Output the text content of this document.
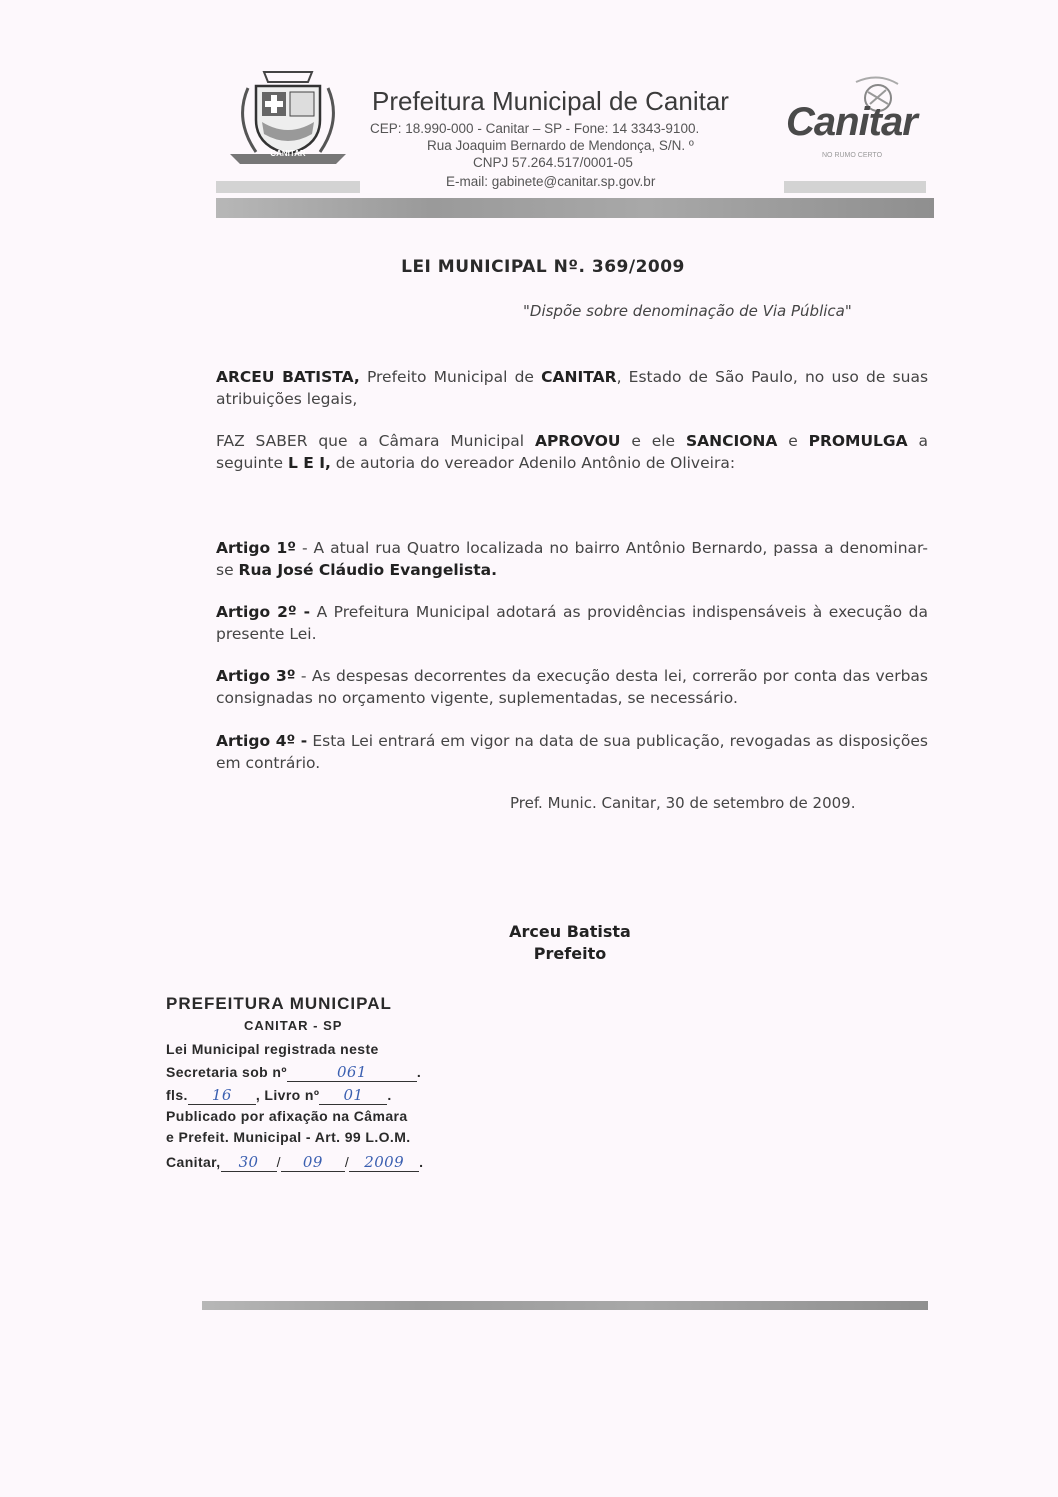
CANITAR
Prefeitura Municipal de Canitar
CEP: 18.990-000 - Canitar – SP - Fone: 14 3343-9100.
Rua Joaquim Bernardo de Mendonça, S/N. º
CNPJ 57.264.517/0001-05
E-mail: gabinete@canitar.sp.gov.br
Canitar
NO RUMO CERTO
LEI MUNICIPAL Nº. 369/2009
"Dispõe sobre denominação de Via Pública"
ARCEU BATISTA, Prefeito Municipal de CANITAR, Estado de São Paulo, no uso de suas atribuições legais,
FAZ SABER que a Câmara Municipal APROVOU e ele SANCIONA e PROMULGA a seguinte L E I, de autoria do vereador Adenilo Antônio de Oliveira:
Artigo 1º - A atual rua Quatro localizada no bairro Antônio Bernardo, passa a denominar-se Rua José Cláudio Evangelista.
Artigo 2º - A Prefeitura Municipal adotará as providências indispensáveis à execução da presente Lei.
Artigo 3º - As despesas decorrentes da execução desta lei, correrão por conta das verbas consignadas no orçamento vigente, suplementadas, se necessário.
Artigo 4º - Esta Lei entrará em vigor na data de sua publicação, revogadas as disposições em contrário.
Pref. Munic. Canitar, 30 de setembro de 2009.
Arceu Batista
Prefeito
PREFEITURA MUNICIPAL
CANITAR - SP
Lei Municipal registrada neste
Secretaria sob nº	061	.
fls. 16 , Livro nº 01 .
Publicado por afixação na Câmara
e Prefeit. Municipal - Art. 99 L.O.M.
Canitar, 30 / 09 / 2009 .
